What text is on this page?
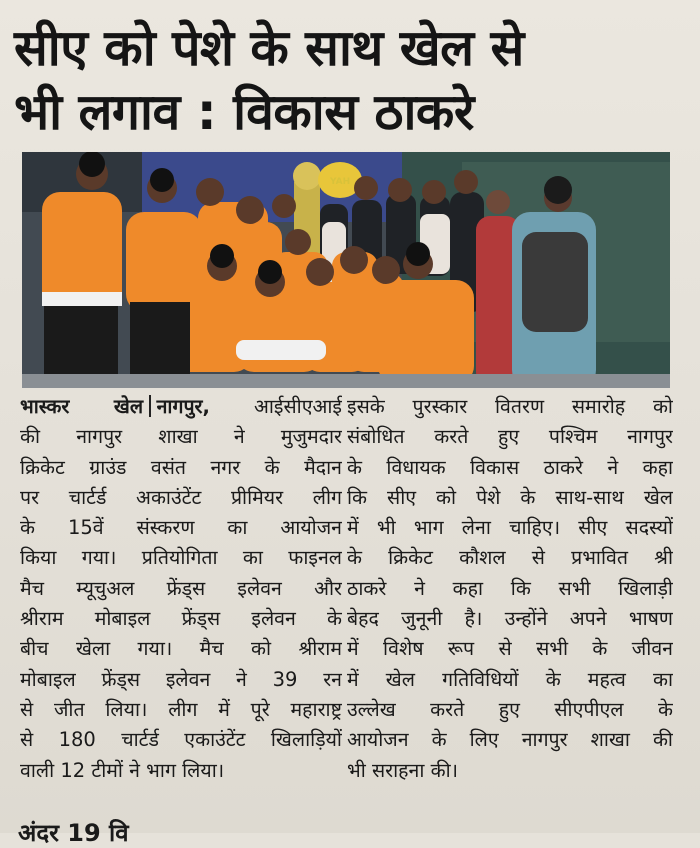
सीए को पेशे के साथ खेल से
भी लगाव : विकास ठाकरे
YAH
भास्कर खेल नागपुर, आईसीएआई
की नागपुर शाखा ने मुजुमदार
क्रिकेट ग्राउंड वसंत नगर के मैदान
पर चार्टर्ड अकाउंटेंट प्रीमियर लीग
के 15वें संस्करण का आयोजन
किया गया। प्रतियोगिता का फाइनल
मैच म्यूचुअल फ्रेंड्स इलेवन और
श्रीराम मोबाइल फ्रेंड्स इलेवन के
बीच खेला गया। मैच को श्रीराम
मोबाइल फ्रेंड्स इलेवन ने 39 रन
से जीत लिया। लीग में पूरे महाराष्ट्र
से 180 चार्टर्ड एकाउंटेंट खिलाड़ियों
वाली 12 टीमों ने भाग लिया।
इसके पुरस्कार वितरण समारोह को
संबोधित करते हुए पश्चिम नागपुर
के विधायक विकास ठाकरे ने कहा
कि सीए को पेशे के साथ-साथ खेल
में भी भाग लेना चाहिए। सीए सदस्यों
के क्रिकेट कौशल से प्रभावित श्री
ठाकरे ने कहा कि सभी खिलाड़ी
बेहद जुनूनी है। उन्होंने अपने भाषण
में विशेष रूप से सभी के जीवन
में खेल गतिविधियों के महत्व का
उल्लेख करते हुए सीएपीएल के
आयोजन के लिए नागपुर शाखा की
भी सराहना की।
अंदर 19 वि
